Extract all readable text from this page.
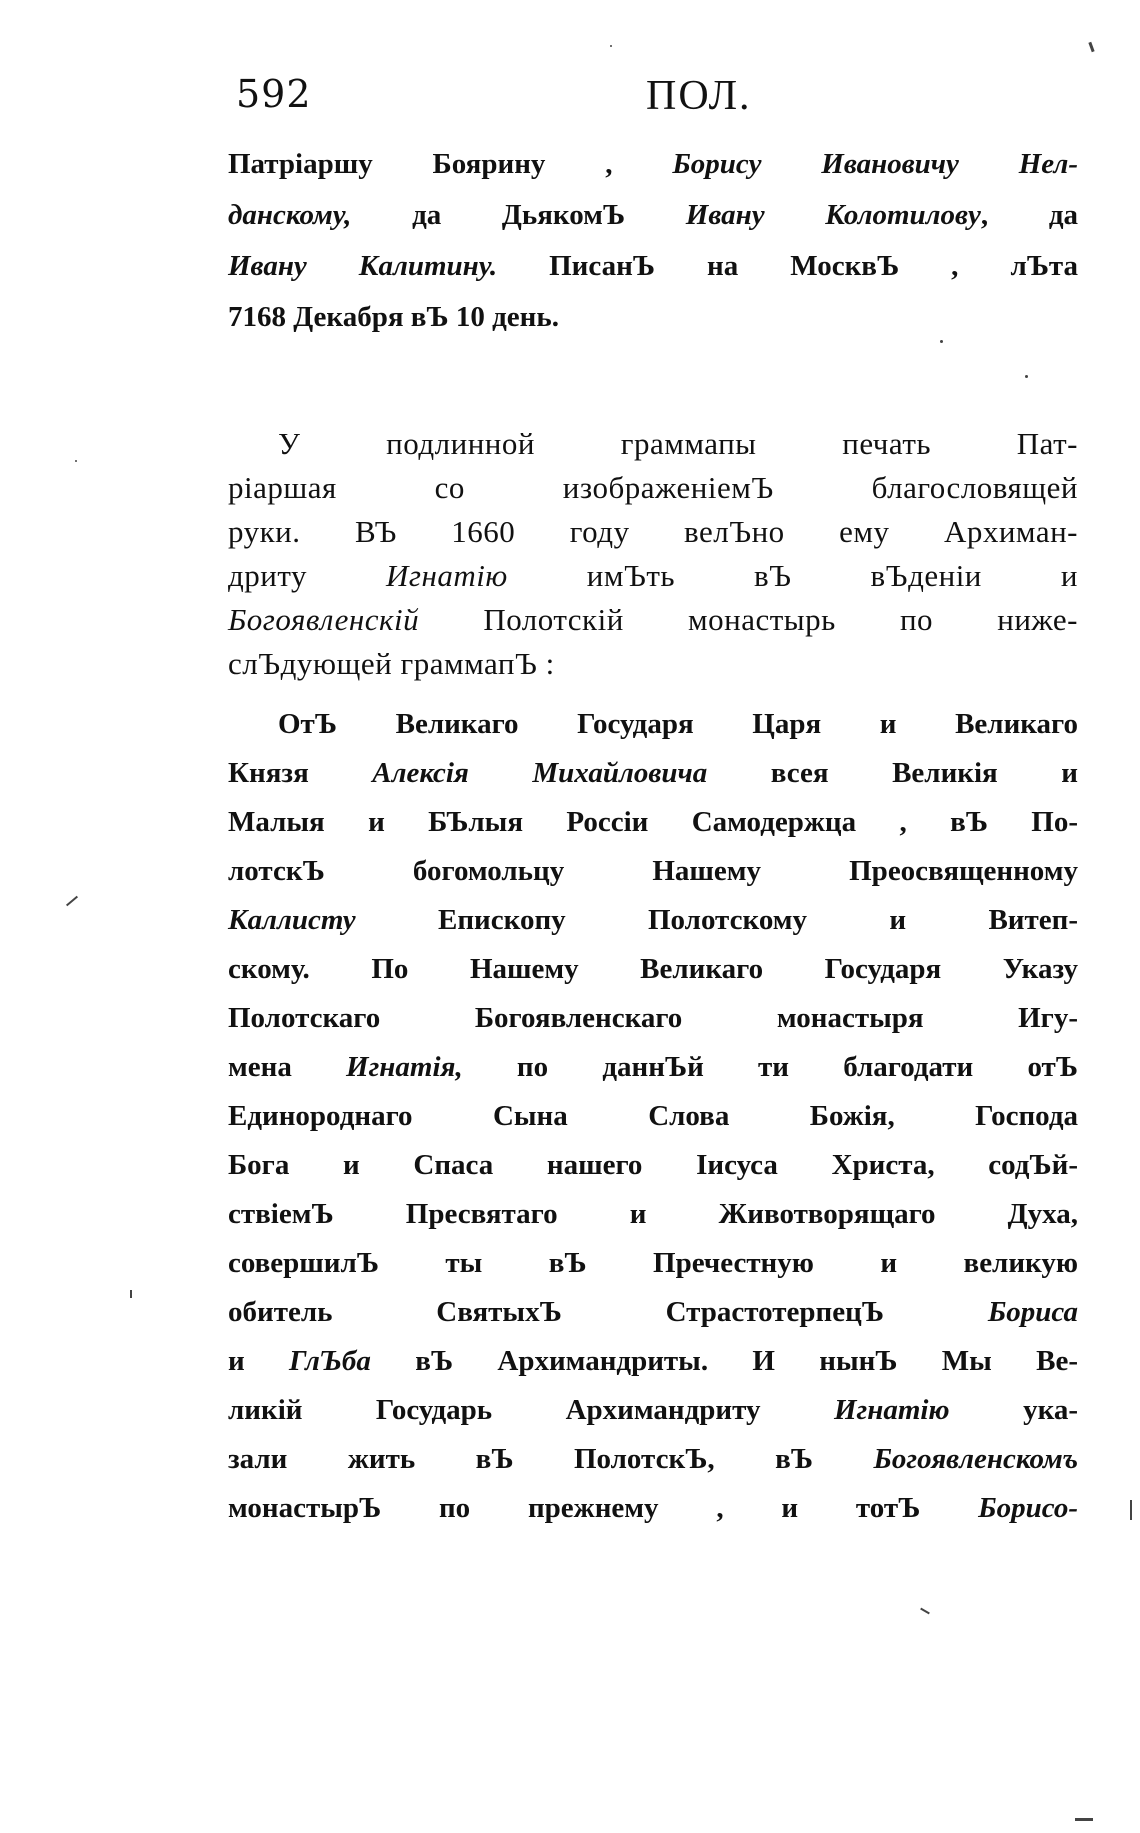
592	ПОЛ.
Патріаршу Боярину , Борису Ивановичу Нел-
данскому, да ДьякомЪ Ивану Колотилову, да
Ивану Калитину. ПисанЪ на МосквЪ , лЪта
7168 Декабря вЪ 10 день.
У подлинной граммапы печать Пат-
ріаршая со изображеніемЪ благословящей
руки. ВЪ 1660 году велЪно ему Архиман-
дриту Игнатію имЪть вЪ вЪденіи и
Богоявленскій Полотскій монастырь по ниже-
слЪдующей граммапЪ :
ОтЪ Великаго Государя Царя и Великаго
Князя Алексія Михайловича всея Великія и
Малыя и БЪлыя Россіи Самодержца , вЪ По-
лотскЪ богомольцу Нашему Преосвященному
Каллисту Епископу Полотскому и Витеп-
скому. По Нашему Великаго Государя Указу
Полотскаго Богоявленскаго монастыря Игу-
мена Игнатія, по даннЪй ти благодати отЪ
Единороднаго Сына Слова Божія, Господа
Бога и Спаса нашего Іисуса Христа, содЪй-
ствіемЪ Пресвятаго и Животворящаго Духа,
совершилЪ ты вЪ Пречестную и великую
обитель СвятыхЪ СтрастотерпецЪ Бориса
и ГлЪба вЪ Архимандриты. И нынЪ Мы Ве-
ликій Государь Архимандриту Игнатію ука-
зали жить вЪ ПолотскЪ, вЪ Богоявленскомъ
монастырЪ по прежнему , и тотЪ Борисо-
